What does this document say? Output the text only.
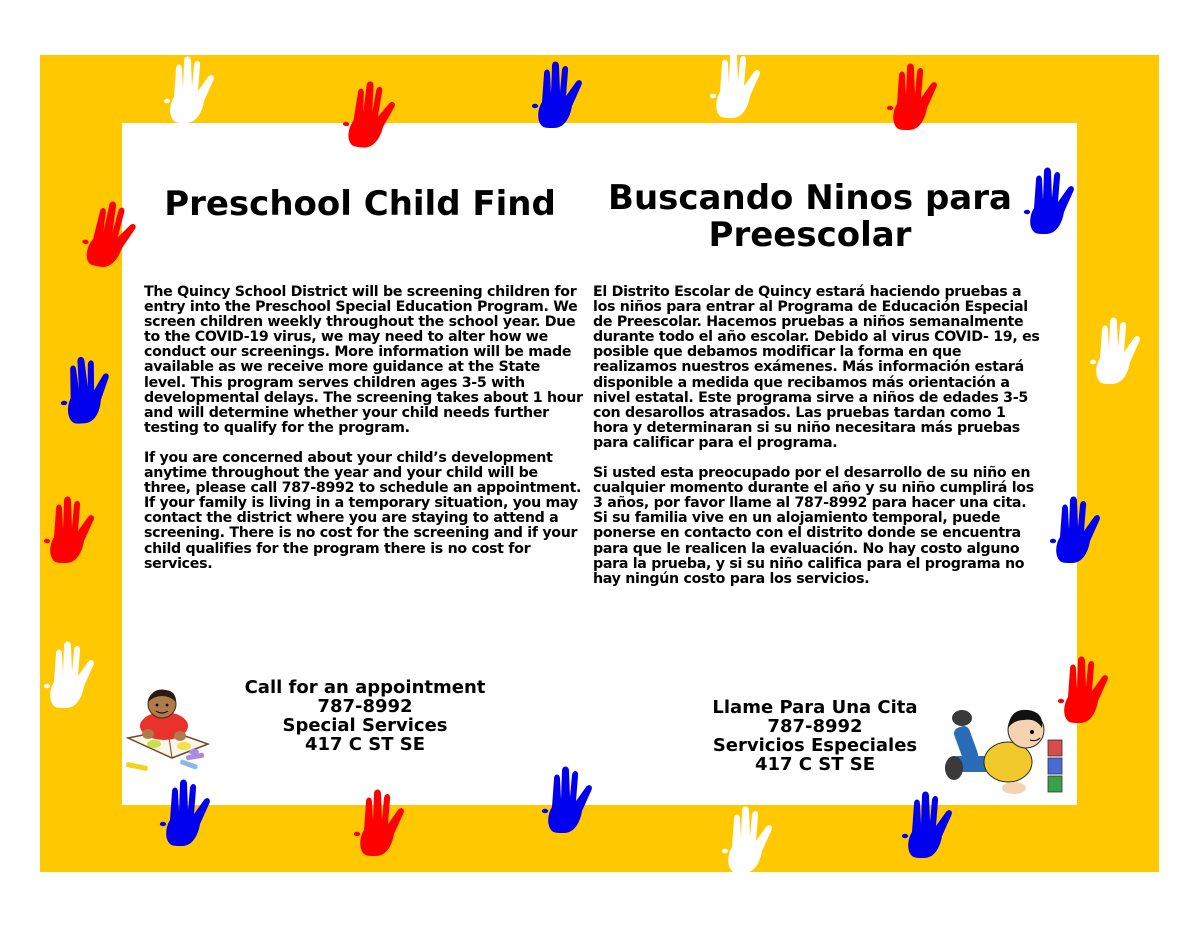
Preschool Child Find	Buscando Ninos para
Preescolar

The Quincy School District will be screening children for entry into the Preschool Special Education Program. We screen children weekly throughout the school year. Due to the COVID-19 virus, we may need to alter how we conduct our screenings. More information will be made available as we receive more guidance at the State level. This program serves children ages 3-5 with developmental delays. The screening takes about 1 hour and will determine whether your child needs further testing to qualify for the program.

If you are concerned about your child’s development anytime throughout the year and your child will be three, please call 787-8992 to schedule an appointment. If your family is living in a temporary situation, you may contact the district where you are staying to attend a screening. There is no cost for the screening and if your child qualifies for the program there is no cost for services.

El Distrito Escolar de Quincy estará haciendo pruebas a los niños para entrar al Programa de Educación Especial de Preescolar. Hacemos pruebas a niños semanalmente durante todo el año escolar. Debido al virus COVID- 19, es posible que debamos modificar la forma en que realizamos nuestros exámenes. Más información estará disponible a medida que recibamos más orientación a nivel estatal. Este programa sirve a niños de edades 3-5 con desarollos atrasados. Las pruebas tardan como 1 hora y determinaran si su niño necesitara más pruebas para calificar para el programa.

Si usted esta preocupado por el desarrollo de su niño en cualquier momento durante el año y su niño cumplirá los 3 años, por favor llame al 787-8992 para hacer una cita. Si su familia vive en un alojamiento temporal, puede ponerse en contacto con el distrito donde se encuentra para que le realicen la evaluación. No hay costo alguno para la prueba, y si su niño califica para el programa no hay ningún costo para los servicios.

Call for an appointment
787-8992
Special Services
417 C ST SE
Llame Para Una Cita
787-8992
Servicios Especiales
417 C ST SE
